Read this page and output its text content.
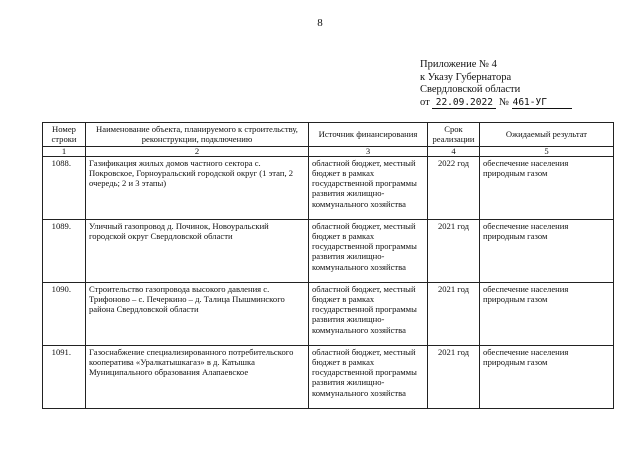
8
Приложение № 4
к Указу Губернатора
Свердловской области
от 22.09.2022 № 461-УГ
Номер строки	Наименование объекта, планируемого к строительству, реконструкции, подключению	Источник финансирования	Срок реализации	Ожидаемый результат
1	2	3	4	5
1088.	Газификация жилых домов частного сектора с. Покровское, Горноуральский городской округ (1 этап, 2 очередь; 2 и 3 этапы)	областной бюджет, местный бюджет в рамках государственной программы развития жилищно-коммунального хозяйства	2022 год	обеспечение населения природным газом
1089.	Уличный газопровод д. Починок, Новоуральский городской округ Свердловской области	областной бюджет, местный бюджет в рамках государственной программы развития жилищно-коммунального хозяйства	2021 год	обеспечение населения природным газом
1090.	Строительство газопровода высокого давления с. Трифоново – с. Печеркино – д. Талица Пышминского района Свердловской области	областной бюджет, местный бюджет в рамках государственной программы развития жилищно-коммунального хозяйства	2021 год	обеспечение населения природным газом
1091.	Газоснабжение специализированного потребительского кооператива «Уралкатышкагаз» в д. Катышка Муниципального образования Алапаевское	областной бюджет, местный бюджет в рамках государственной программы развития жилищно-коммунального хозяйства	2021 год	обеспечение населения природным газом
